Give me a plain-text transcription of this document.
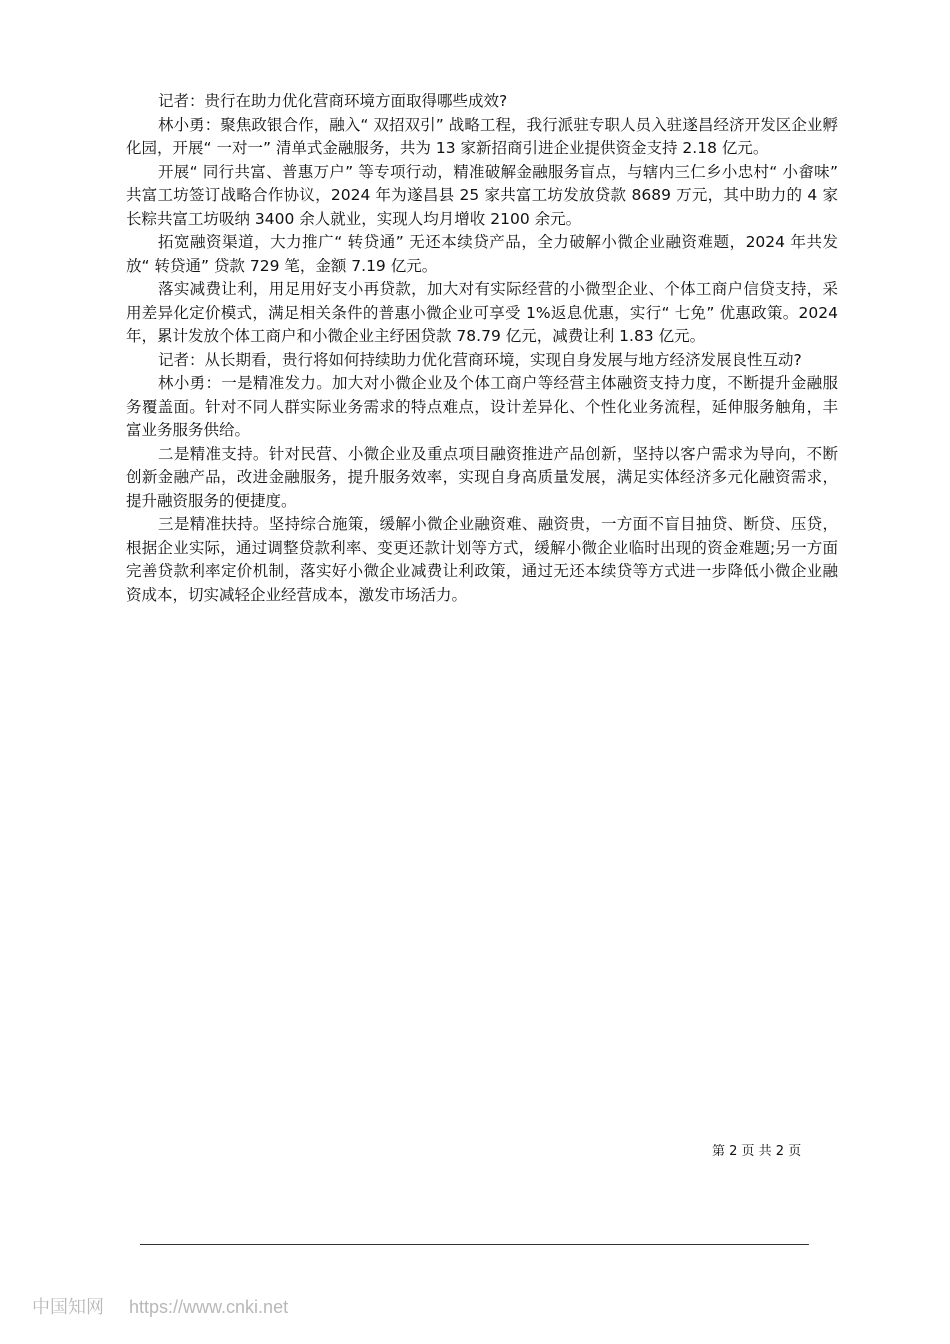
记者：贵行在助力优化营商环境方面取得哪些成效?

林小勇：聚焦政银合作，融入“ 双招双引” 战略工程，我行派驻专职人员入驻遂昌经济开发区企业孵化园，开展“ 一对一” 清单式金融服务，共为 13 家新招商引进企业提供资金支持 2.18 亿元。

开展“ 同行共富、普惠万户” 等专项行动，精准破解金融服务盲点，与辖内三仁乡小忠村“ 小畲味” 共富工坊签订战略合作协议，2024 年为遂昌县 25 家共富工坊发放贷款 8689 万元，其中助力的 4 家长粽共富工坊吸纳 3400 余人就业，实现人均月增收 2100 余元。

拓宽融资渠道，大力推广“ 转贷通” 无还本续贷产品，全力破解小微企业融资难题，2024 年共发放“ 转贷通” 贷款 729 笔，金额 7.19 亿元。

落实减费让利，用足用好支小再贷款，加大对有实际经营的小微型企业、个体工商户信贷支持，采用差异化定价模式，满足相关条件的普惠小微企业可享受 1%返息优惠，实行“ 七免” 优惠政策。2024 年，累计发放个体工商户和小微企业主纾困贷款 78.79 亿元，减费让利 1.83 亿元。

记者：从长期看，贵行将如何持续助力优化营商环境，实现自身发展与地方经济发展良性互动?

林小勇：一是精准发力。加大对小微企业及个体工商户等经营主体融资支持力度，不断提升金融服务覆盖面。针对不同人群实际业务需求的特点难点，设计差异化、个性化业务流程，延伸服务触角，丰富业务服务供给。

二是精准支持。针对民营、小微企业及重点项目融资推进产品创新，坚持以客户需求为导向，不断创新金融产品，改进金融服务，提升服务效率，实现自身高质量发展，满足实体经济多元化融资需求，提升融资服务的便捷度。

三是精准扶持。坚持综合施策，缓解小微企业融资难、融资贵，一方面不盲目抽贷、断贷、压贷，根据企业实际，通过调整贷款利率、变更还款计划等方式，缓解小微企业临时出现的资金难题;另一方面完善贷款利率定价机制，落实好小微企业减费让利政策，通过无还本续贷等方式进一步降低小微企业融资成本，切实减轻企业经营成本，激发市场活力。

第 2 页 共 2 页
中国知网 https://www.cnki.net
